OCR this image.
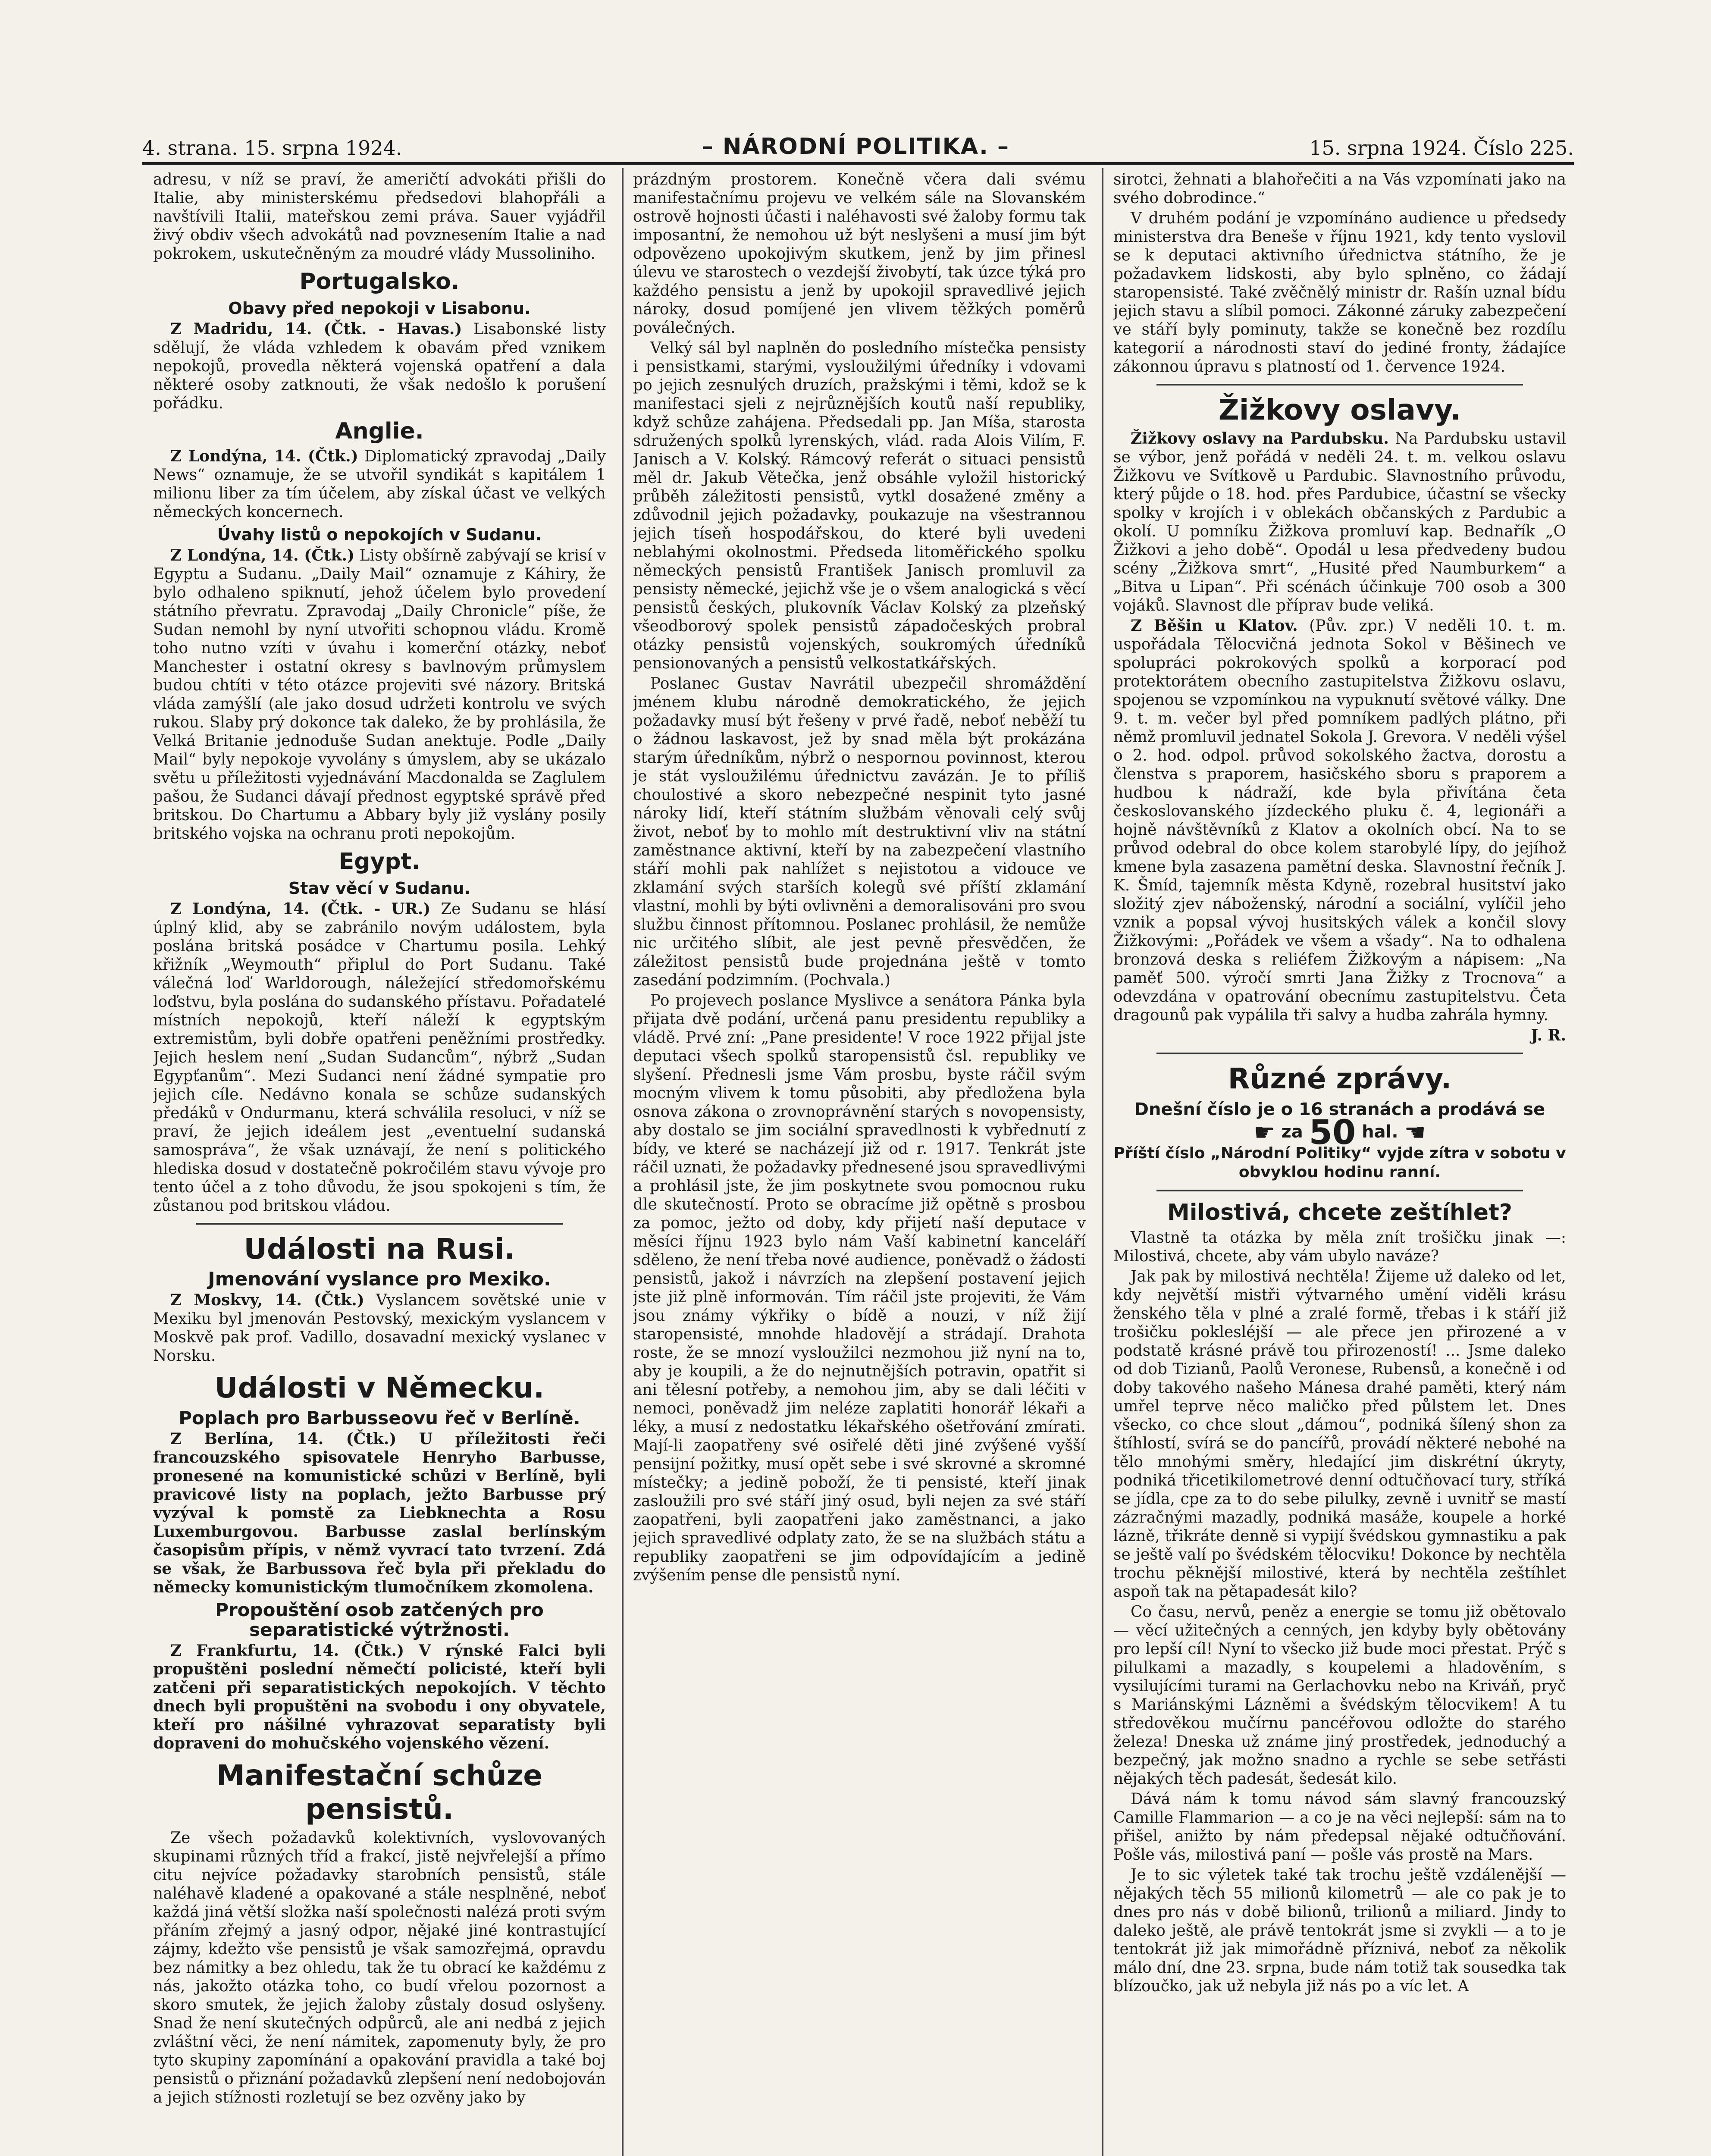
4. strana. 15. srpna 1924.	– NÁRODNÍ POLITIKA. –	15. srpna 1924. Číslo 225.

adresu, v níž se praví, že američtí advokáti přišli do Italie, aby ministerskému předsedovi blahopřáli a navštívili Italii, mateřskou zemi práva. Sauer vyjádřil živý obdiv všech advokátů nad povznesením Italie a nad pokrokem, uskutečněným za moudré vlády Mussoliniho.

Portugalsko.
Obavy před nepokoji v Lisabonu.

Z Madridu, 14. (Čtk. - Havas.) Lisabonské listy sdělují, že vláda vzhledem k obavám před vznikem nepokojů, provedla některá vojenská opatření a dala některé osoby zatknouti, že však nedošlo k porušení pořádku.

Anglie.

Z Londýna, 14. (Čtk.) Diplomatický zpravodaj „Daily News“ oznamuje, že se utvořil syndikát s kapitálem 1 milionu liber za tím účelem, aby získal účast ve velkých německých koncernech.

Úvahy listů o nepokojích v Sudanu.

Z Londýna, 14. (Čtk.) Listy obšírně zabývají se krisí v Egyptu a Sudanu. „Daily Mail“ oznamuje z Káhiry, že bylo odhaleno spiknutí, jehož účelem bylo provedení státního převratu. Zpravodaj „Daily Chronicle“ píše, že Sudan nemohl by nyní utvořiti schopnou vládu. Kromě toho nutno vzíti v úvahu i komerční otázky, neboť Manchester i ostatní okresy s bavlnovým průmyslem budou chtíti v této otázce projeviti své názory. Britská vláda zamýšlí (ale jako dosud udržeti kontrolu ve svých rukou. Slaby prý dokonce tak daleko, že by prohlásila, že Velká Britanie jednoduše Sudan anektuje. Podle „Daily Mail“ byly nepokoje vyvolány s úmyslem, aby se ukázalo světu u příležitosti vyjednávání Macdonalda se Zaglulem pašou, že Sudanci dávají přednost egyptské správě před britskou. Do Chartumu a Abbary byly již vyslány posily britského vojska na ochranu proti nepokojům.

Egypt.
Stav věcí v Sudanu.

Z Londýna, 14. (Čtk. - UR.) Ze Sudanu se hlásí úplný klid, aby se zabránilo novým událostem, byla poslána britská posádce v Chartumu posila. Lehký křižník „Weymouth“ připlul do Port Sudanu. Také válečná loď Warldorough, náležející středomořskému loďstvu, byla poslána do sudanského přístavu. Pořadatelé místních nepokojů, kteří náleží k egyptským extremistům, byli dobře opatřeni peněžními prostředky. Jejich heslem není „Sudan Sudancům“, nýbrž „Sudan Egypťanům“. Mezi Sudanci není žádné sympatie pro jejich cíle. Nedávno konala se schůze sudanských předáků v Ondurmanu, která schválila resoluci, v níž se praví, že jejich ideálem jest „eventuelní sudanská samospráva“, že však uznávají, že není s politického hlediska dosud v dostatečně pokročilém stavu vývoje pro tento účel a z toho důvodu, že jsou spokojeni s tím, že zůstanou pod britskou vládou.

Události na Rusi.
Jmenování vyslance pro Mexiko.

Z Moskvy, 14. (Čtk.) Vyslancem sovětské unie v Mexiku byl jmenován Pestovský, mexickým vyslancem v Moskvě pak prof. Vadillo, dosavadní mexický vyslanec v Norsku.

Události v Německu.
Poplach pro Barbusseovu řeč v Berlíně.

Z Berlína, 14. (Čtk.) U příležitosti řeči francouzského spisovatele Henryho Barbusse, pronesené na komunistické schůzi v Berlíně, byli pravicové listy na poplach, ježto Barbusse prý vyzýval k pomstě za Liebknechta a Rosu Luxemburgovou. Barbusse zaslal berlínským časopisům přípis, v němž vyvrací tato tvrzení. Zdá se však, že Barbussova řeč byla při překladu do německy komunistickým tlumočníkem zkomolena.

Propouštění osob zatčených pro separatistické výtržnosti.

Z Frankfurtu, 14. (Čtk.) V rýnské Falci byli propuštěni poslední němečtí policisté, kteří byli zatčeni při separatistických nepokojích. V těchto dnech byli propuštěni na svobodu i ony obyvatele, kteří pro nášilné vyhrazovat separatisty byli dopraveni do mohučského vojenského vězení.

Manifestační schůze pensistů.

Ze všech požadavků kolektivních, vyslovovaných skupinami různých tříd a frakcí, jistě nejvřelejší a přímo citu nejvíce požadavky starobních pensistů, stále naléhavě kladené a opakované a stále nesplněné, neboť každá jiná větší složka naší společnosti nalézá proti svým přáním zřejmý a jasný odpor, nějaké jiné kontrastující zájmy, kdežto vše pensistů je však samozřejmá, opravdu bez námitky a bez ohledu, tak že tu obrací ke každému z nás, jakožto otázka toho, co budí vřelou pozornost a skoro smutek, že jejich žaloby zůstaly dosud oslyšeny. Snad že není skutečných odpůrců, ale ani nedbá z jejich zvláštní věci, že není námitek, zapomenuty byly, že pro tyto skupiny zapomínání a opakování pravidla a také boj pensistů o přiznání požadavků zlepšení není nedobojován a jejich stížnosti rozletují se bez ozvěny jako by

prázdným prostorem. Konečně včera dali svému manifestačnímu projevu ve velkém sále na Slovanském ostrově hojnosti účasti i naléhavosti své žaloby formu tak imposantní, že nemohou už být neslyšeni a musí jim být odpovězeno upokojivým skutkem, jenž by jim přinesl úlevu ve starostech o vezdejší živobytí, tak úzce týká pro každého pensistu a jenž by upokojil spravedlivé jejich nároky, dosud pomíjené jen vlivem těžkých poměrů poválečných.

Velký sál byl naplněn do posledního místečka pensisty i pensistkami, starými, vysloužilými úředníky i vdovami po jejich zesnulých druzích, pražskými i těmi, kdož se k manifestaci sjeli z nejrůznějších koutů naší republiky, když schůze zahájena. Předsedali pp. Jan Míša, starosta sdružených spolků lyrenských, vlád. rada Alois Vilím, F. Janisch a V. Kolský. Rámcový referát o situaci pensistů měl dr. Jakub Větečka, jenž obsáhle vyložil historický průběh záležitosti pensistů, vytkl dosažené změny a zdůvodnil jejich požadavky, poukazuje na všestrannou jejich tíseň hospodářskou, do které byli uvedeni neblahými okolnostmi. Předseda litoměřického spolku německých pensistů František Janisch promluvil za pensisty německé, jejichž vše je o všem analogická s věcí pensistů českých, plukovník Václav Kolský za plzeňský všeodborový spolek pensistů západočeských probral otázky pensistů vojenských, soukromých úředníků pensionovaných a pensistů velkostatkářských.

Poslanec Gustav Navrátil ubezpečil shromáždění jménem klubu národně demokratického, že jejich požadavky musí být řešeny v prvé řadě, neboť neběží tu o žádnou laskavost, jež by snad měla být prokázána starým úředníkům, nýbrž o nespornou povinnost, kterou je stát vysloužilému úřednictvu zavázán. Je to příliš choulostivé a skoro nebezpečné nespinit tyto jasné nároky lidí, kteří státním službám věnovali celý svůj život, neboť by to mohlo mít destruktivní vliv na státní zaměstnance aktivní, kteří by na zabezpečení vlastního stáří mohli pak nahlížet s nejistotou a vidouce ve zklamání svých starších kolegů své příští zklamání vlastní, mohli by býti ovlivněni a demoralisováni pro svou službu činnost přítomnou. Poslanec prohlásil, že nemůže nic určitého slíbit, ale jest pevně přesvědčen, že záležitost pensistů bude projednána ještě v tomto zasedání podzimním. (Pochvala.)

Po projevech poslance Myslivce a senátora Pánka byla přijata dvě podání, určená panu presidentu republiky a vládě. Prvé zní: „Pane presidente! V roce 1922 přijal jste deputaci všech spolků staropensistů čsl. republiky ve slyšení. Přednesli jsme Vám prosbu, byste ráčil svým mocným vlivem k tomu působiti, aby předložena byla osnova zákona o zrovnoprávnění starých s novopensisty, aby dostalo se jim sociální spravedlnosti k vybřednutí z bídy, ve které se nacházejí již od r. 1917. Tenkrát jste ráčil uznati, že požadavky přednesené jsou spravedlivými a prohlásil jste, že jim poskytnete svou pomocnou ruku dle skutečností. Proto se obracíme již opětně s prosbou za pomoc, ježto od doby, kdy přijetí naší deputace v měsíci říjnu 1923 bylo nám Vaší kabinetní kanceláří sděleno, že není třeba nové audience, poněvadž o žádosti pensistů, jakož i návrzích na zlepšení postavení jejich jste již plně informován. Tím ráčil jste projeviti, že Vám jsou známy výkřiky o bídě a nouzi, v níž žijí staropensisté, mnohde hladovějí a strádají. Drahota roste, že se mnozí vysloužilci nezmohou již nyní na to, aby je koupili, a že do nejnutnějších potravin, opatřit si ani tělesní potřeby, a nemohou jim, aby se dali léčiti v nemoci, poněvadž jim neléze zaplatiti honorář lékaři a léky, a musí z nedostatku lékařského ošetřování zmírati. Mají-li zaopatřeny své osiřelé děti jiné zvýšené vyšší pensijní požitky, musí opět sebe i své skrovné a skromné místečky; a jedině poboží, že ti pensisté, kteří jinak zasloužili pro své stáří jiný osud, byli nejen za své stáří zaopatřeni, byli zaopatřeni jako zaměstnanci, a jako jejich spravedlivé odplaty zato, že se na službách státu a republiky zaopatřeni se jim odpovídajícím a jedině zvýšením pense dle pensistů nyní.

sirotci, žehnati a blahořečiti a na Vás vzpomínati jako na svého dobrodince.“

V druhém podání je vzpomínáno audience u předsedy ministerstva dra Beneše v říjnu 1921, kdy tento vyslovil se k deputaci aktivního úřednictva státního, že je požadavkem lidskosti, aby bylo splněno, co žádají staropensisté. Také zvěčnělý ministr dr. Rašín uznal bídu jejich stavu a slíbil pomoci. Zákonné záruky zabezpečení ve stáří byly pominuty, takže se konečně bez rozdílu kategorií a národnosti staví do jediné fronty, žádajíce zákonnou úpravu s platností od 1. července 1924.

Žižkovy oslavy.

Žižkovy oslavy na Pardubsku. Na Pardubsku ustavil se výbor, jenž pořádá v neděli 24. t. m. velkou oslavu Žižkovu ve Svítkově u Pardubic. Slavnostního průvodu, který půjde o 18. hod. přes Pardubice, účastní se všecky spolky v krojích i v oblekách občanských z Pardubic a okolí. U pomníku Žižkova promluví kap. Bednařík „O Žižkovi a jeho době“. Opodál u lesa předvedeny budou scény „Žižkova smrt“, „Husité před Naumburkem“ a „Bitva u Lipan“. Při scénách účinkuje 700 osob a 300 vojáků. Slavnost dle příprav bude veliká.

Z Běšin u Klatov. (Pův. zpr.) V neděli 10. t. m. uspořádala Tělocvičná jednota Sokol v Běšinech ve spolupráci pokrokových spolků a korporací pod protektorátem obecního zastupitelstva Žižkovu oslavu, spojenou se vzpomínkou na vypuknutí světové války. Dne 9. t. m. večer byl před pomníkem padlých plátno, při němž promluvil jednatel Sokola J. Grevora. V neděli výšel o 2. hod. odpol. průvod sokolského žactva, dorostu a členstva s praporem, hasičského sboru s praporem a hudbou k nádraží, kde byla přivítána četa českoslovanského jízdeckého pluku č. 4, legionáři a hojně návštěvníků z Klatov a okolních obcí. Na to se průvod odebral do obce kolem starobylé lípy, do jejíhož kmene byla zasazena pamětní deska. Slavnostní řečník J. K. Šmíd, tajemník města Kdyně, rozebral husitství jako složitý zjev náboženský, národní a sociální, vylíčil jeho vznik a popsal vývoj husitských válek a končil slovy Žižkovými: „Pořádek ve všem a všady“. Na to odhalena bronzová deska s reliéfem Žižkovým a nápisem: „Na paměť 500. výročí smrti Jana Žižky z Trocnova“ a odevzdána v opatrování obecnímu zastupitelstvu. Četa dragounů pak vypálila tři salvy a hudba zahrála hymny.

J. R.
Různé zprávy.
Dnešní číslo je o 16 stranách a prodává se
☛ za 50 hal. ☚
Příští číslo „Národní Politiky“ vyjde zítra v sobotu v obvyklou hodinu ranní.
Milostivá, chcete zeštíhlet?

Vlastně ta otázka by měla znít trošičku jinak —: Milostivá, chcete, aby vám ubylo naváze?

Jak pak by milostivá nechtěla! Žijeme už daleko od let, kdy největší mistři výtvarného umění viděli krásu ženského těla v plné a zralé formě, třebas i k stáří již trošičku poklesléjší — ale přece jen přirozené a v podstatě krásné právě tou přirozeností! ... Jsme daleko od dob Tizianů, Paolů Veronese, Rubensů, a konečně i od doby takového našeho Mánesa drahé paměti, který nám umřel teprve něco maličko před půlstem let. Dnes všecko, co chce slout „dámou“, podniká šílený shon za štíhlostí, svírá se do pancířů, provádí některé nebohé na tělo mnohými směry, hledající jim diskrétní úkryty, podniká třicetikilometrové denní odtučňovací tury, stříká se jídla, cpe za to do sebe pilulky, zevně i uvnitř se mastí zázračnými mazadly, podniká masáže, koupele a horké lázně, třikráte denně si vypijí švédskou gymnastiku a pak se ještě valí po švédském tělocviku! Dokonce by nechtěla trochu pěknější milostivé, která by nechtěla zeštíhlet aspoň tak na pětapadesát kilo?

Co času, nervů, peněz a energie se tomu již obětovalo — věcí užitečných a cenných, jen kdyby byly obětovány pro lepší cíl! Nyní to všecko již bude moci přestat. Prýč s pilulkami a mazadly, s koupelemi a hladověním, s vysilujícími turami na Gerlachovku nebo na Kriváň, pryč s Mariánskými Lázněmi a švédským tělocvikem! A tu středověkou mučírnu pancéřovou odložte do starého železa! Dneska už známe jiný prostředek, jednoduchý a bezpečný, jak možno snadno a rychle se sebe setřásti nějakých těch padesát, šedesát kilo.

Dává nám k tomu návod sám slavný francouzský Camille Flammarion — a co je na věci nejlepší: sám na to přišel, anižto by nám předepsal nějaké odtučňování. Pošle vás, milostivá paní — pošle vás prostě na Mars.

Je to sic výletek také tak trochu ještě vzdálenější — nějakých těch 55 milionů kilometrů — ale co pak je to dnes pro nás v době bilionů, trilionů a miliard. Jindy to daleko ještě, ale právě tentokrát jsme si zvykli — a to je tentokrát již jak mimořádně příznivá, neboť za několik málo dní, dne 23. srpna, bude nám totiž tak sousedka tak blízoučko, jak už nebyla již nás po a víc let. A
